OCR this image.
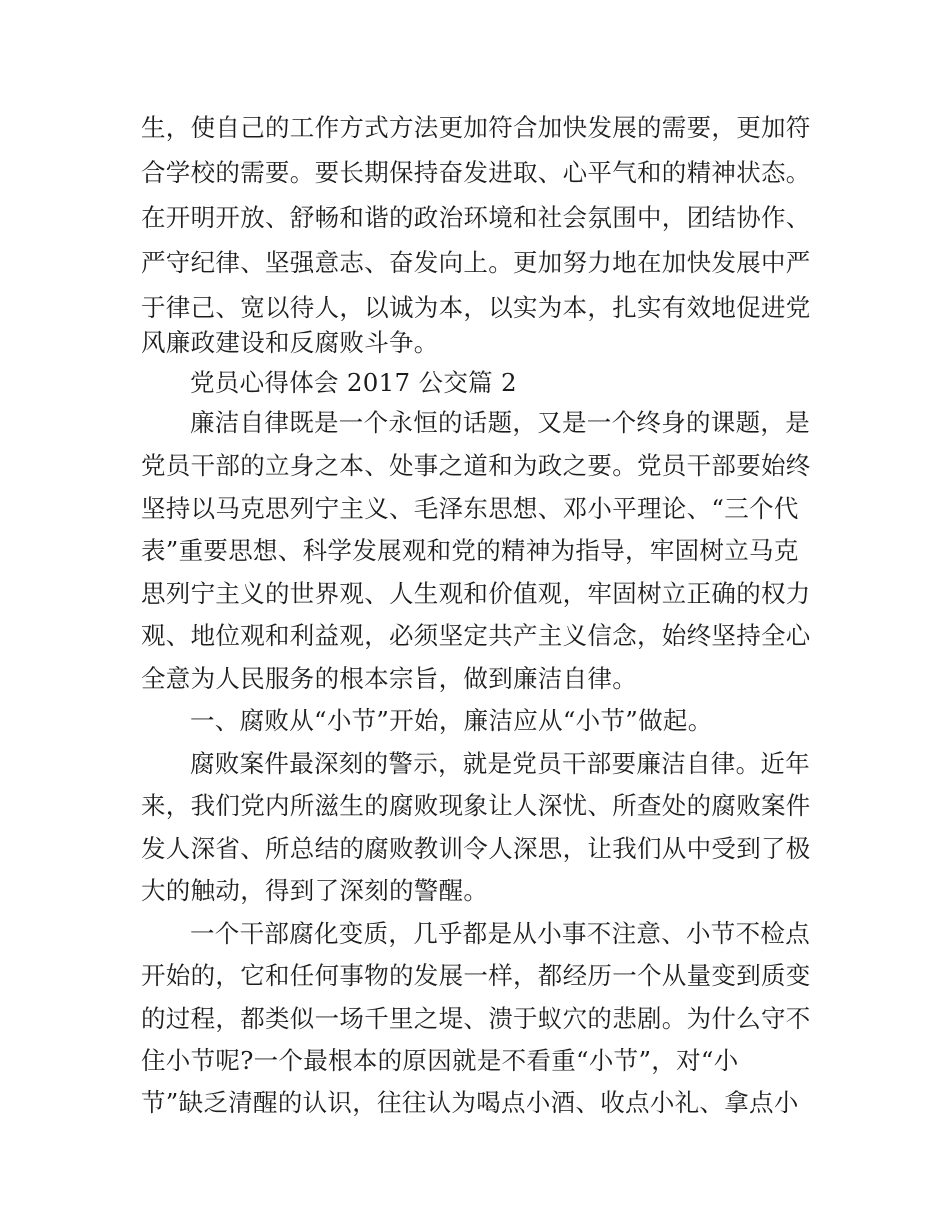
生，使自己的工作方式方法更加符合加快发展的需要，更加符
合学校的需要。要长期保持奋发进取、心平气和的精神状态。
在开明开放、舒畅和谐的政治环境和社会氛围中，团结协作、
严守纪律、坚强意志、奋发向上。更加努力地在加快发展中严
于律己、宽以待人，以诚为本，以实为本，扎实有效地促进党
风廉政建设和反腐败斗争。
党员心得体会 2017 公交篇 2
廉洁自律既是一个永恒的话题，又是一个终身的课题，是
党员干部的立身之本、处事之道和为政之要。党员干部要始终
坚持以马克思列宁主义、毛泽东思想、邓小平理论、“三个代
表”重要思想、科学发展观和党的精神为指导，牢固树立马克
思列宁主义的世界观、人生观和价值观，牢固树立正确的权力
观、地位观和利益观，必须坚定共产主义信念，始终坚持全心
全意为人民服务的根本宗旨，做到廉洁自律。
一、腐败从“小节”开始，廉洁应从“小节”做起。
腐败案件最深刻的警示，就是党员干部要廉洁自律。近年
来，我们党内所滋生的腐败现象让人深忧、所查处的腐败案件
发人深省、所总结的腐败教训令人深思，让我们从中受到了极
大的触动，得到了深刻的警醒。
一个干部腐化变质，几乎都是从小事不注意、小节不检点
开始的，它和任何事物的发展一样，都经历一个从量变到质变
的过程，都类似一场千里之堤、溃于蚁穴的悲剧。为什么守不
住小节呢?一个最根本的原因就是不看重“小节”，对“小
节”缺乏清醒的认识，往往认为喝点小酒、收点小礼、拿点小
